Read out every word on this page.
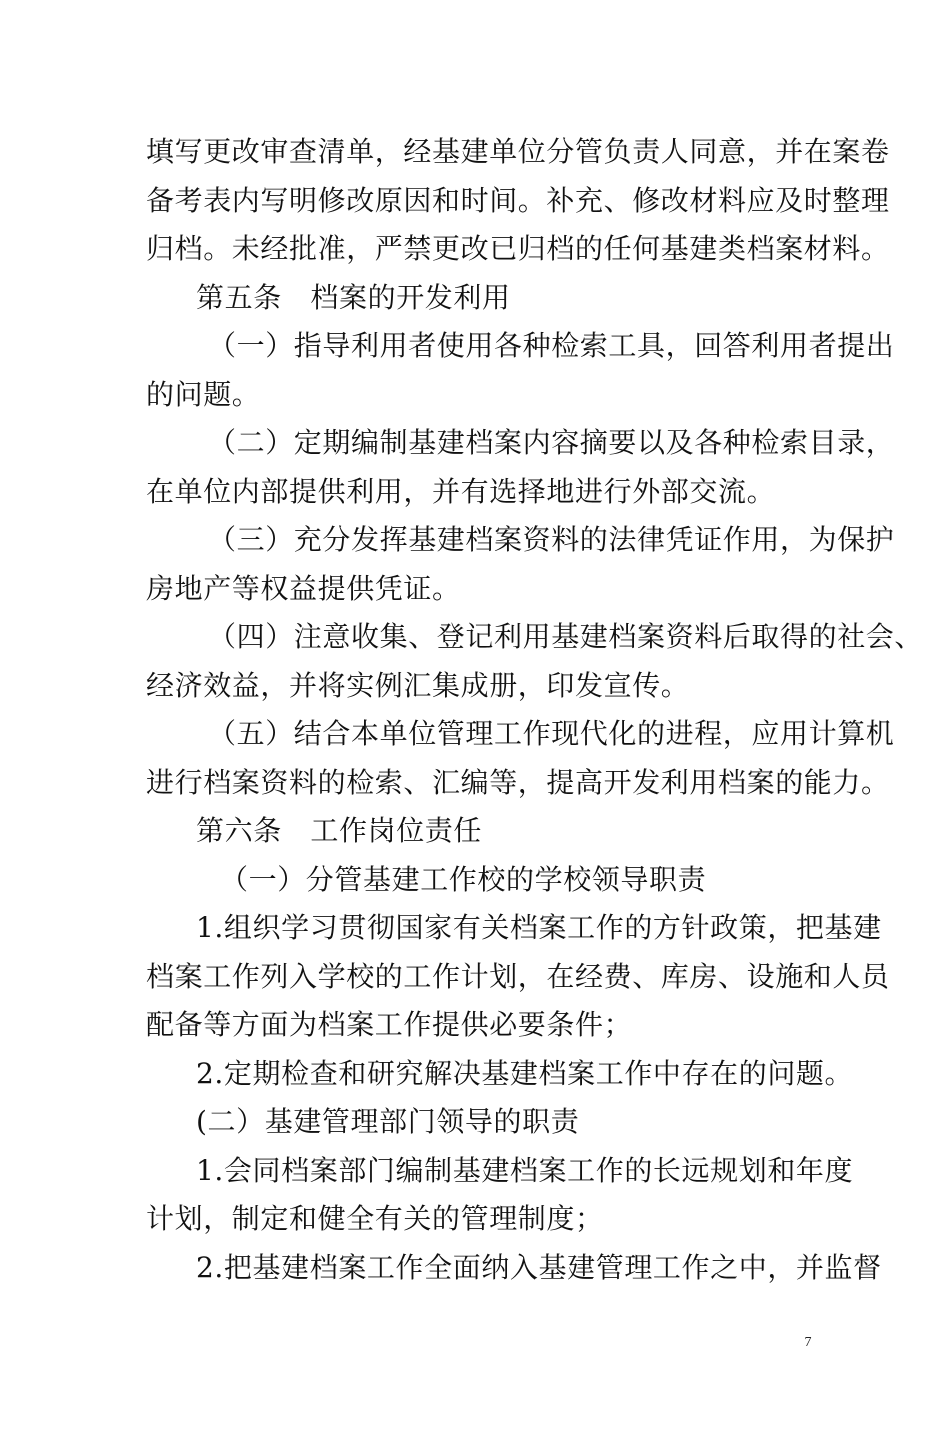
填写更改审查清单，经基建单位分管负责人同意，并在案卷
备考表内写明修改原因和时间。补充、修改材料应及时整理
归档。未经批准，严禁更改已归档的任何基建类档案材料。
第五条　档案的开发利用
（一）指导利用者使用各种检索工具，回答利用者提出
的问题。
（二）定期编制基建档案内容摘要以及各种检索目录，
在单位内部提供利用，并有选择地进行外部交流。
（三）充分发挥基建档案资料的法律凭证作用，为保护
房地产等权益提供凭证。
（四）注意收集、登记利用基建档案资料后取得的社会、
经济效益，并将实例汇集成册，印发宣传。
（五）结合本单位管理工作现代化的进程，应用计算机
进行档案资料的检索、汇编等，提高开发利用档案的能力。
第六条　工作岗位责任
（一）分管基建工作校的学校领导职责
1.组织学习贯彻国家有关档案工作的方针政策，把基建
档案工作列入学校的工作计划，在经费、库房、设施和人员
配备等方面为档案工作提供必要条件；
2.定期检查和研究解决基建档案工作中存在的问题。
(二）基建管理部门领导的职责
1.会同档案部门编制基建档案工作的长远规划和年度
计划，制定和健全有关的管理制度；
2.把基建档案工作全面纳入基建管理工作之中，并监督
7
